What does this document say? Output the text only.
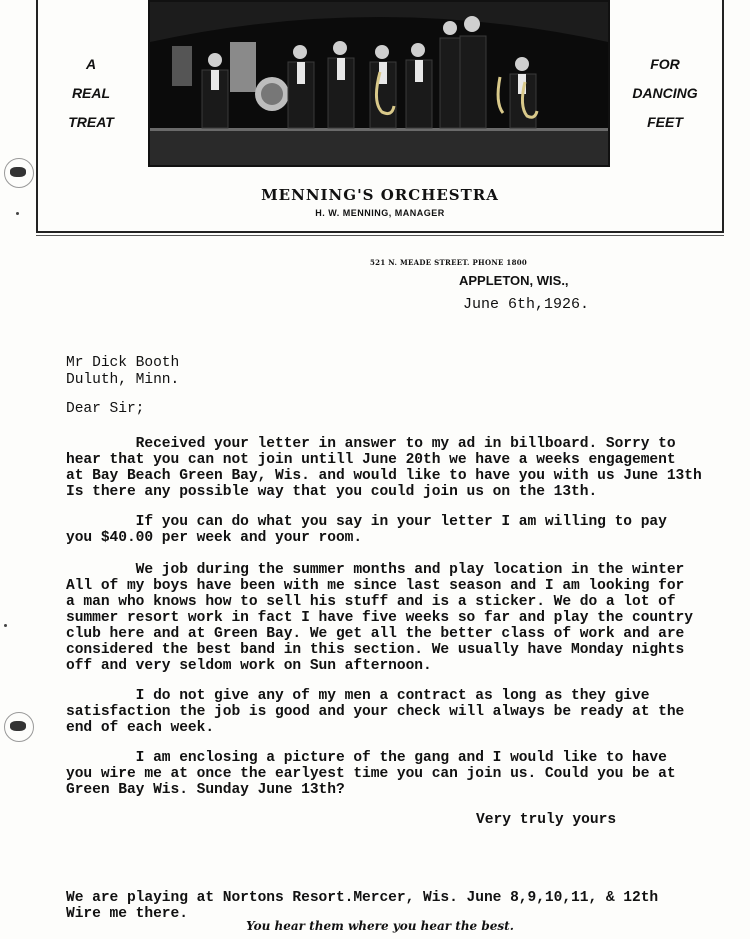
A
REAL
TREAT
FOR
DANCING
FEET
MENNING'S ORCHESTRA
H. W. MENNING, MANAGER
521 N. MEADE STREET. PHONE 1800
APPLETON, WIS.,
June 6th,1926.
Mr Dick Booth
Duluth, Minn.
Dear Sir;
Received your letter in answer to my ad in billboard. Sorry to
hear that you can not join untill June 20th we have a weeks engagement
at Bay Beach Green Bay, Wis. and would like to have you with us June 13th
Is there any possible way that you could join us on the 13th.
If you can do what you say in your letter I am willing to pay
you $40.00 per week and your room.
We job during the summer months and play location in the winter
All of my boys have been with me since last season and I am looking for
a man who knows how to sell his stuff and is a sticker. We do a lot of
summer resort work in fact I have five weeks so far and play the country
club here and at Green Bay. We get all the better class of work and are
considered the best band in this section. We usually have Monday nights
off and very seldom work on Sun afternoon.
I do not give any of my men a contract as long as they give
satisfaction the job is good and your check will always be ready at the
end of each week.
I am enclosing a picture of the gang and I would like to have
you wire me at once the earlyest time you can join us. Could you be at
Green Bay Wis. Sunday June 13th?
Very truly yours
We are playing at Nortons Resort.Mercer, Wis. June 8,9,10,11, & 12th
Wire me there.
You hear them where you hear the best.
